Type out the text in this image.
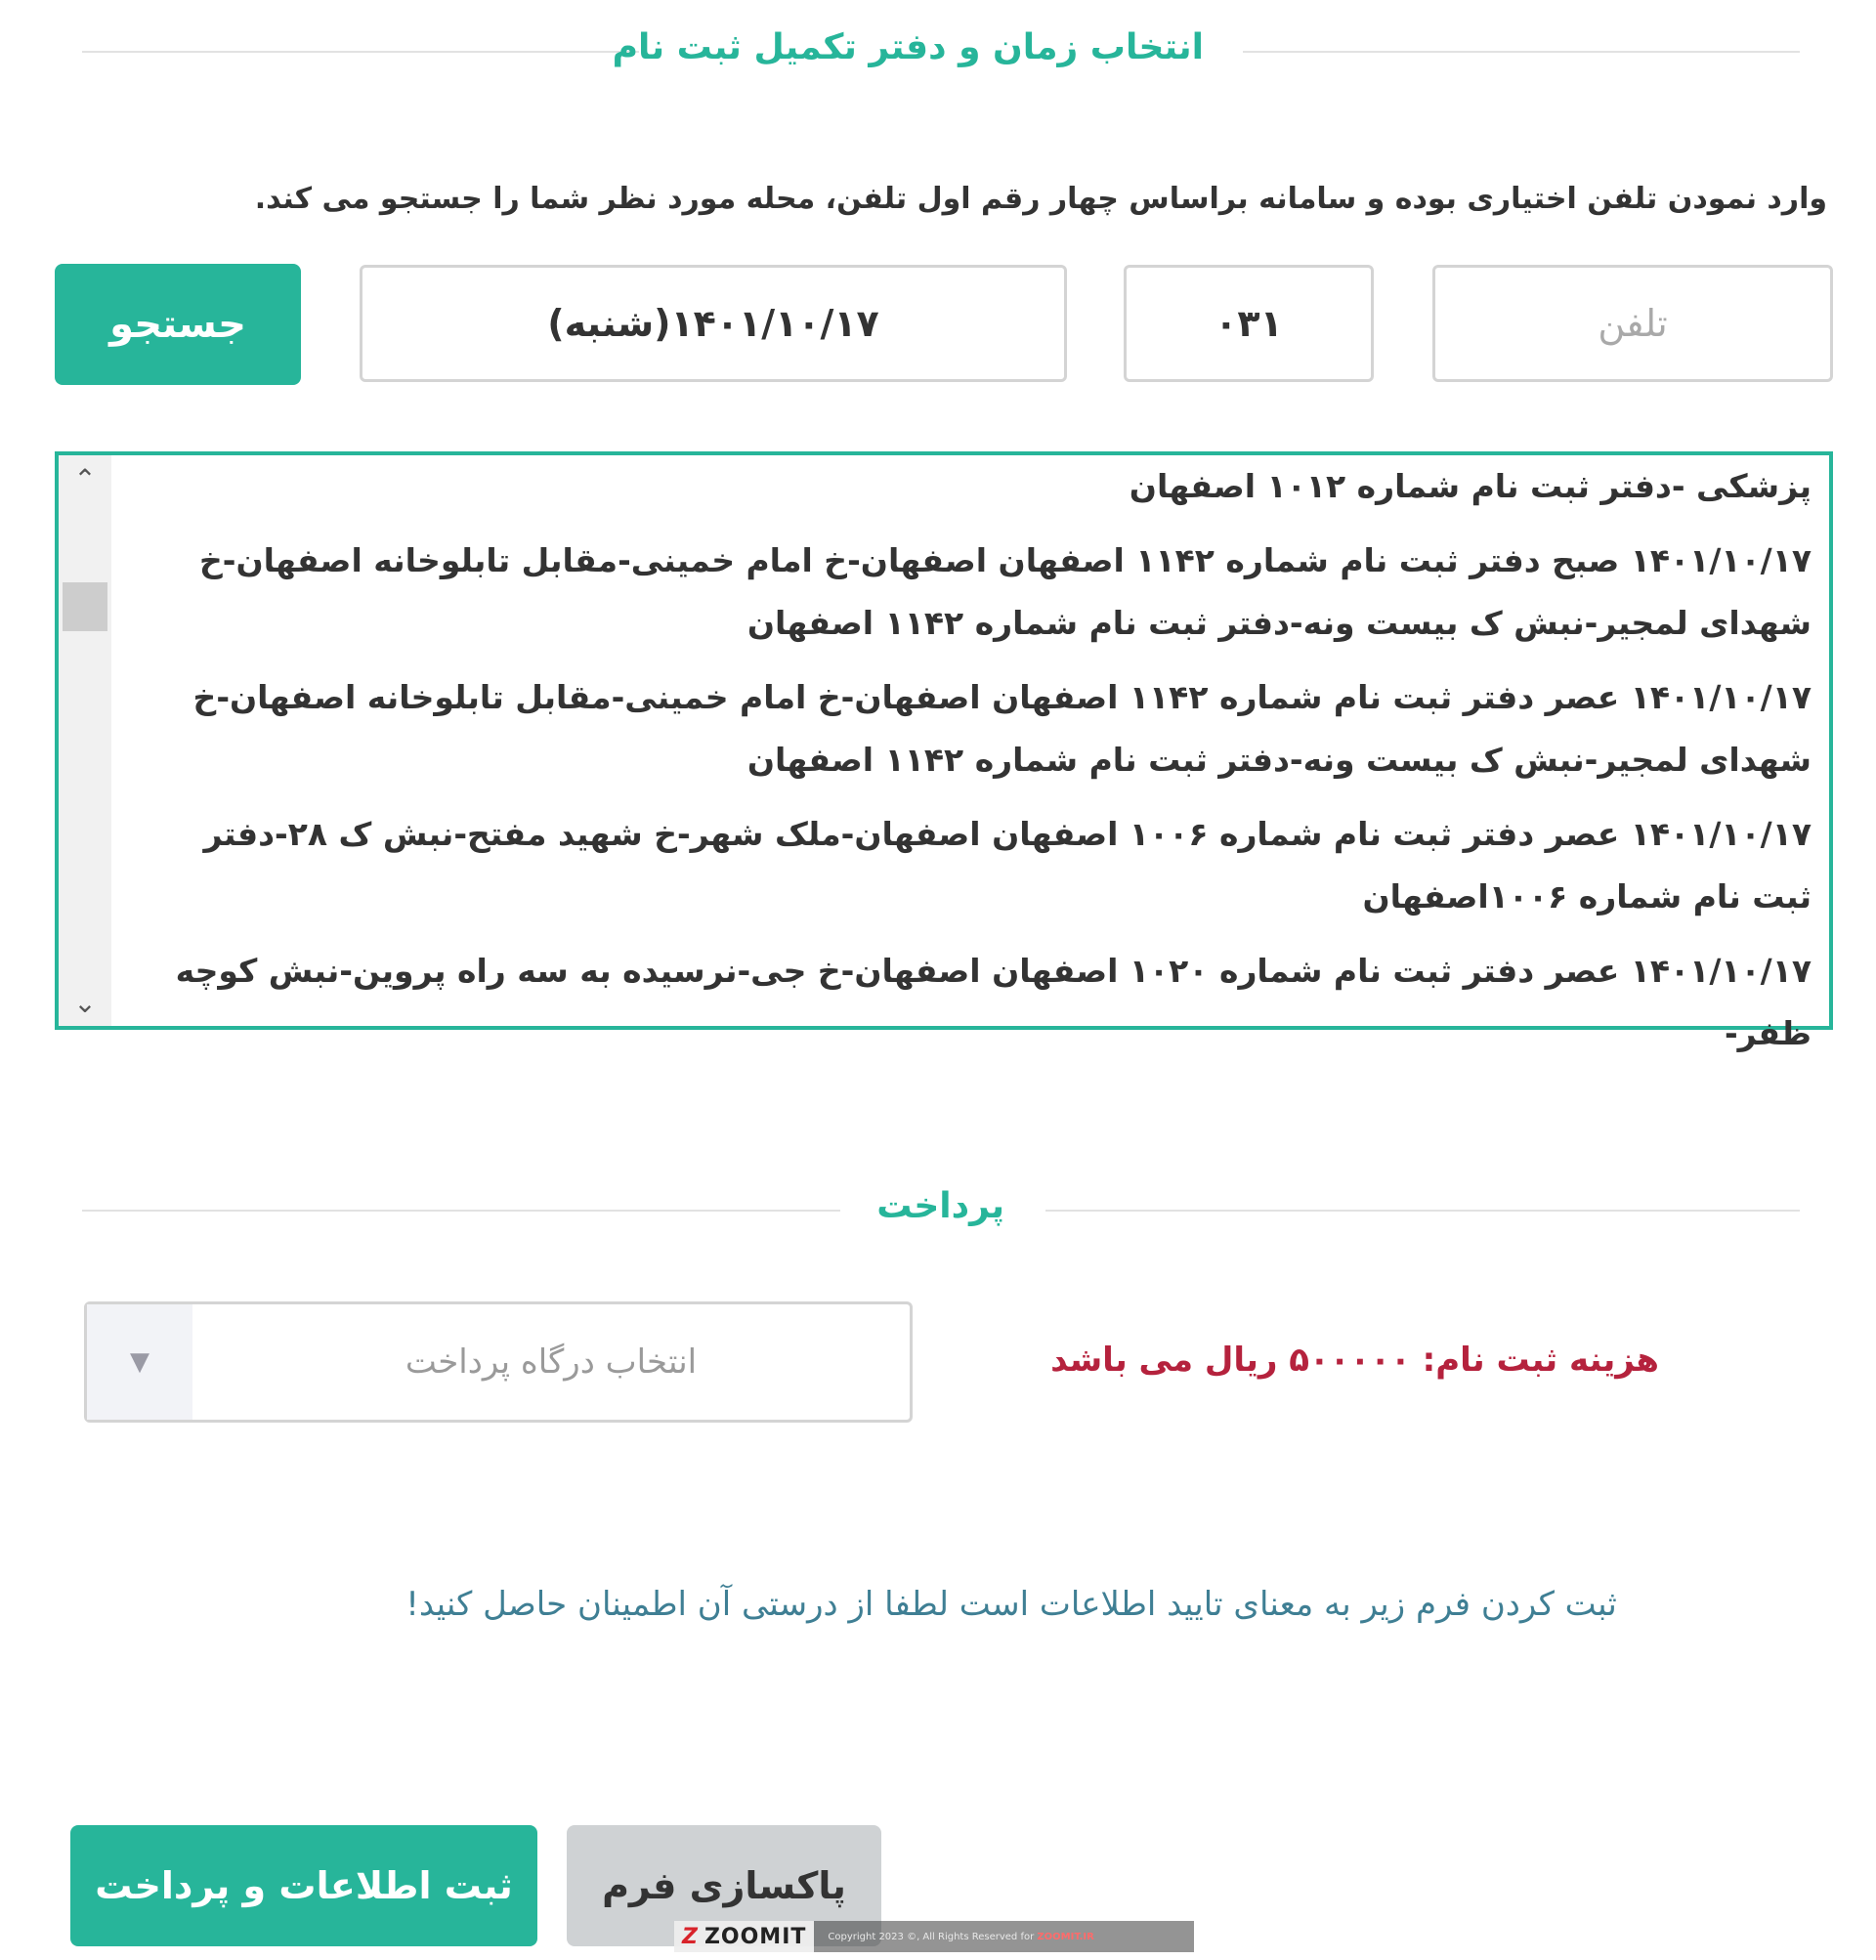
انتخاب زمان و دفتر تکمیل ثبت نام
وارد نمودن تلفن اختیاری بوده و سامانه براساس چهار رقم اول تلفن، محله مورد نظر شما را جستجو می کند.
تلفن
۰۳۱
۱۴۰۱/۱۰/۱۷(شنبه)
جستجو
⌃
⌄
پزشکی -دفتر ثبت نام شماره ۱۰۱۲ اصفهان
۱۴۰۱/۱۰/۱۷ صبح دفتر ثبت نام شماره ۱۱۴۲ اصفهان اصفهان-خ امام خمینی-مقابل تابلوخانه اصفهان-خ شهدای لمجیر-نبش ک بیست ونه-دفتر ثبت نام شماره ۱۱۴۲ اصفهان
۱۴۰۱/۱۰/۱۷ عصر دفتر ثبت نام شماره ۱۱۴۲ اصفهان اصفهان-خ امام خمینی-مقابل تابلوخانه اصفهان-خ شهدای لمجیر-نبش ک بیست ونه-دفتر ثبت نام شماره ۱۱۴۲ اصفهان
۱۴۰۱/۱۰/۱۷ عصر دفتر ثبت نام شماره ۱۰۰۶ اصفهان اصفهان-ملک شهر-خ شهید مفتح-نبش ک ۲۸-دفتر ثبت نام شماره ۱۰۰۶اصفهان
۱۴۰۱/۱۰/۱۷ عصر دفتر ثبت نام شماره ۱۰۲۰ اصفهان اصفهان-خ جی-نرسیده به سه راه پروین-نبش کوچه ظفر-
پرداخت
هزینه ثبت نام: ۵۰۰۰۰۰ ریال می باشد
▼	انتخاب درگاه پرداخت
ثبت کردن فرم زیر به معنای تایید اطلاعات است لطفا از درستی آن اطمینان حاصل کنید!
ثبت اطلاعات و پرداخت	پاکسازی فرم
Z ZOOMIT	Copyright 2023 ©, All Rights Reserved for ZOOMIT.IR
